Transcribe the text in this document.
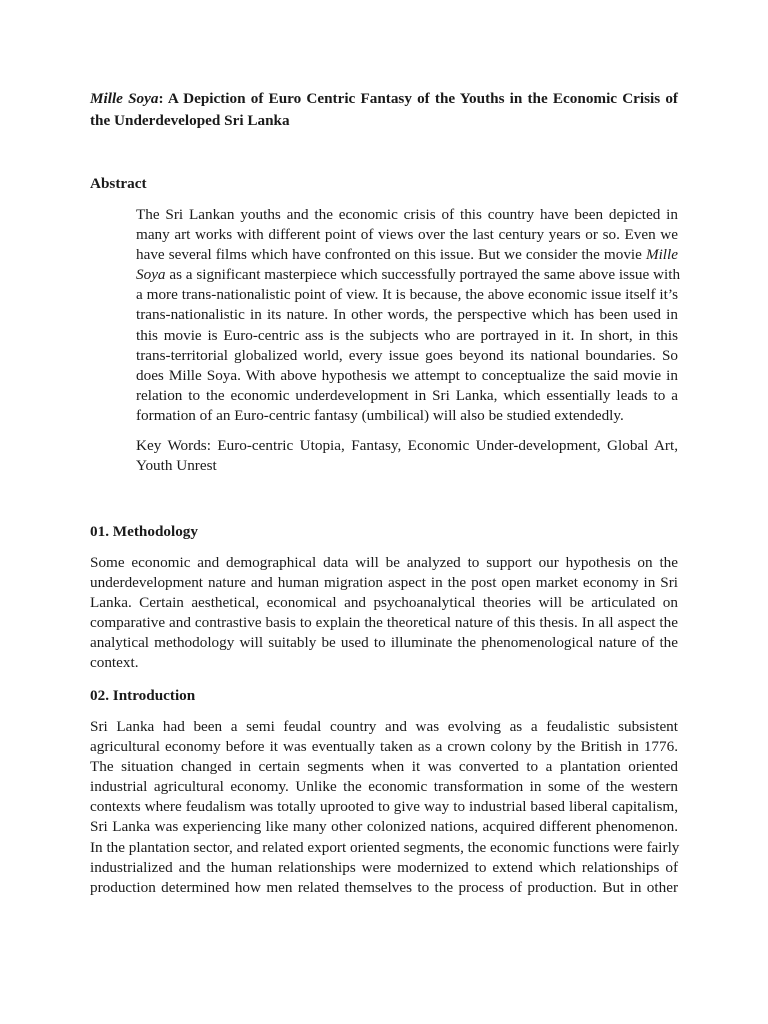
Mille Soya: A Depiction of Euro Centric Fantasy of the Youths in the Economic Crisis of
the Underdeveloped Sri Lanka
Abstract
The Sri Lankan youths and the economic crisis of this country have been depicted in
many art works with different point of views over the last century years or so. Even we
have several films which have confronted on this issue. But we consider the movie Mille
Soya as a significant masterpiece which successfully portrayed the same above issue with
a more trans-nationalistic point of view. It is because, the above economic issue itself it’s
trans-nationalistic in its nature. In other words, the perspective which has been used in
this movie is Euro-centric ass is the subjects who are portrayed in it. In short, in this
trans-territorial globalized world, every issue goes beyond its national boundaries. So
does Mille Soya. With above hypothesis we attempt to conceptualize the said movie in
relation to the economic underdevelopment in Sri Lanka, which essentially leads to a
formation of an Euro-centric fantasy (umbilical) will also be studied extendedly.
Key Words: Euro-centric Utopia, Fantasy, Economic Under-development, Global Art,
Youth Unrest
01. Methodology
Some economic and demographical data will be analyzed to support our hypothesis on the
underdevelopment nature and human migration aspect in the post open market economy in Sri
Lanka. Certain aesthetical, economical and psychoanalytical theories will be articulated on
comparative and contrastive basis to explain the theoretical nature of this thesis. In all aspect the
analytical methodology will suitably be used to illuminate the phenomenological nature of the
context.
02. Introduction
Sri Lanka had been a semi feudal country and was evolving as a feudalistic subsistent
agricultural economy before it was eventually taken as a crown colony by the British in 1776.
The situation changed in certain segments when it was converted to a plantation oriented
industrial agricultural economy. Unlike the economic transformation in some of the western
contexts where feudalism was totally uprooted to give way to industrial based liberal capitalism,
Sri Lanka was experiencing like many other colonized nations, acquired different phenomenon.
In the plantation sector, and related export oriented segments, the economic functions were fairly
industrialized and the human relationships were modernized to extend which relationships of
production determined how men related themselves to the process of production. But in other
